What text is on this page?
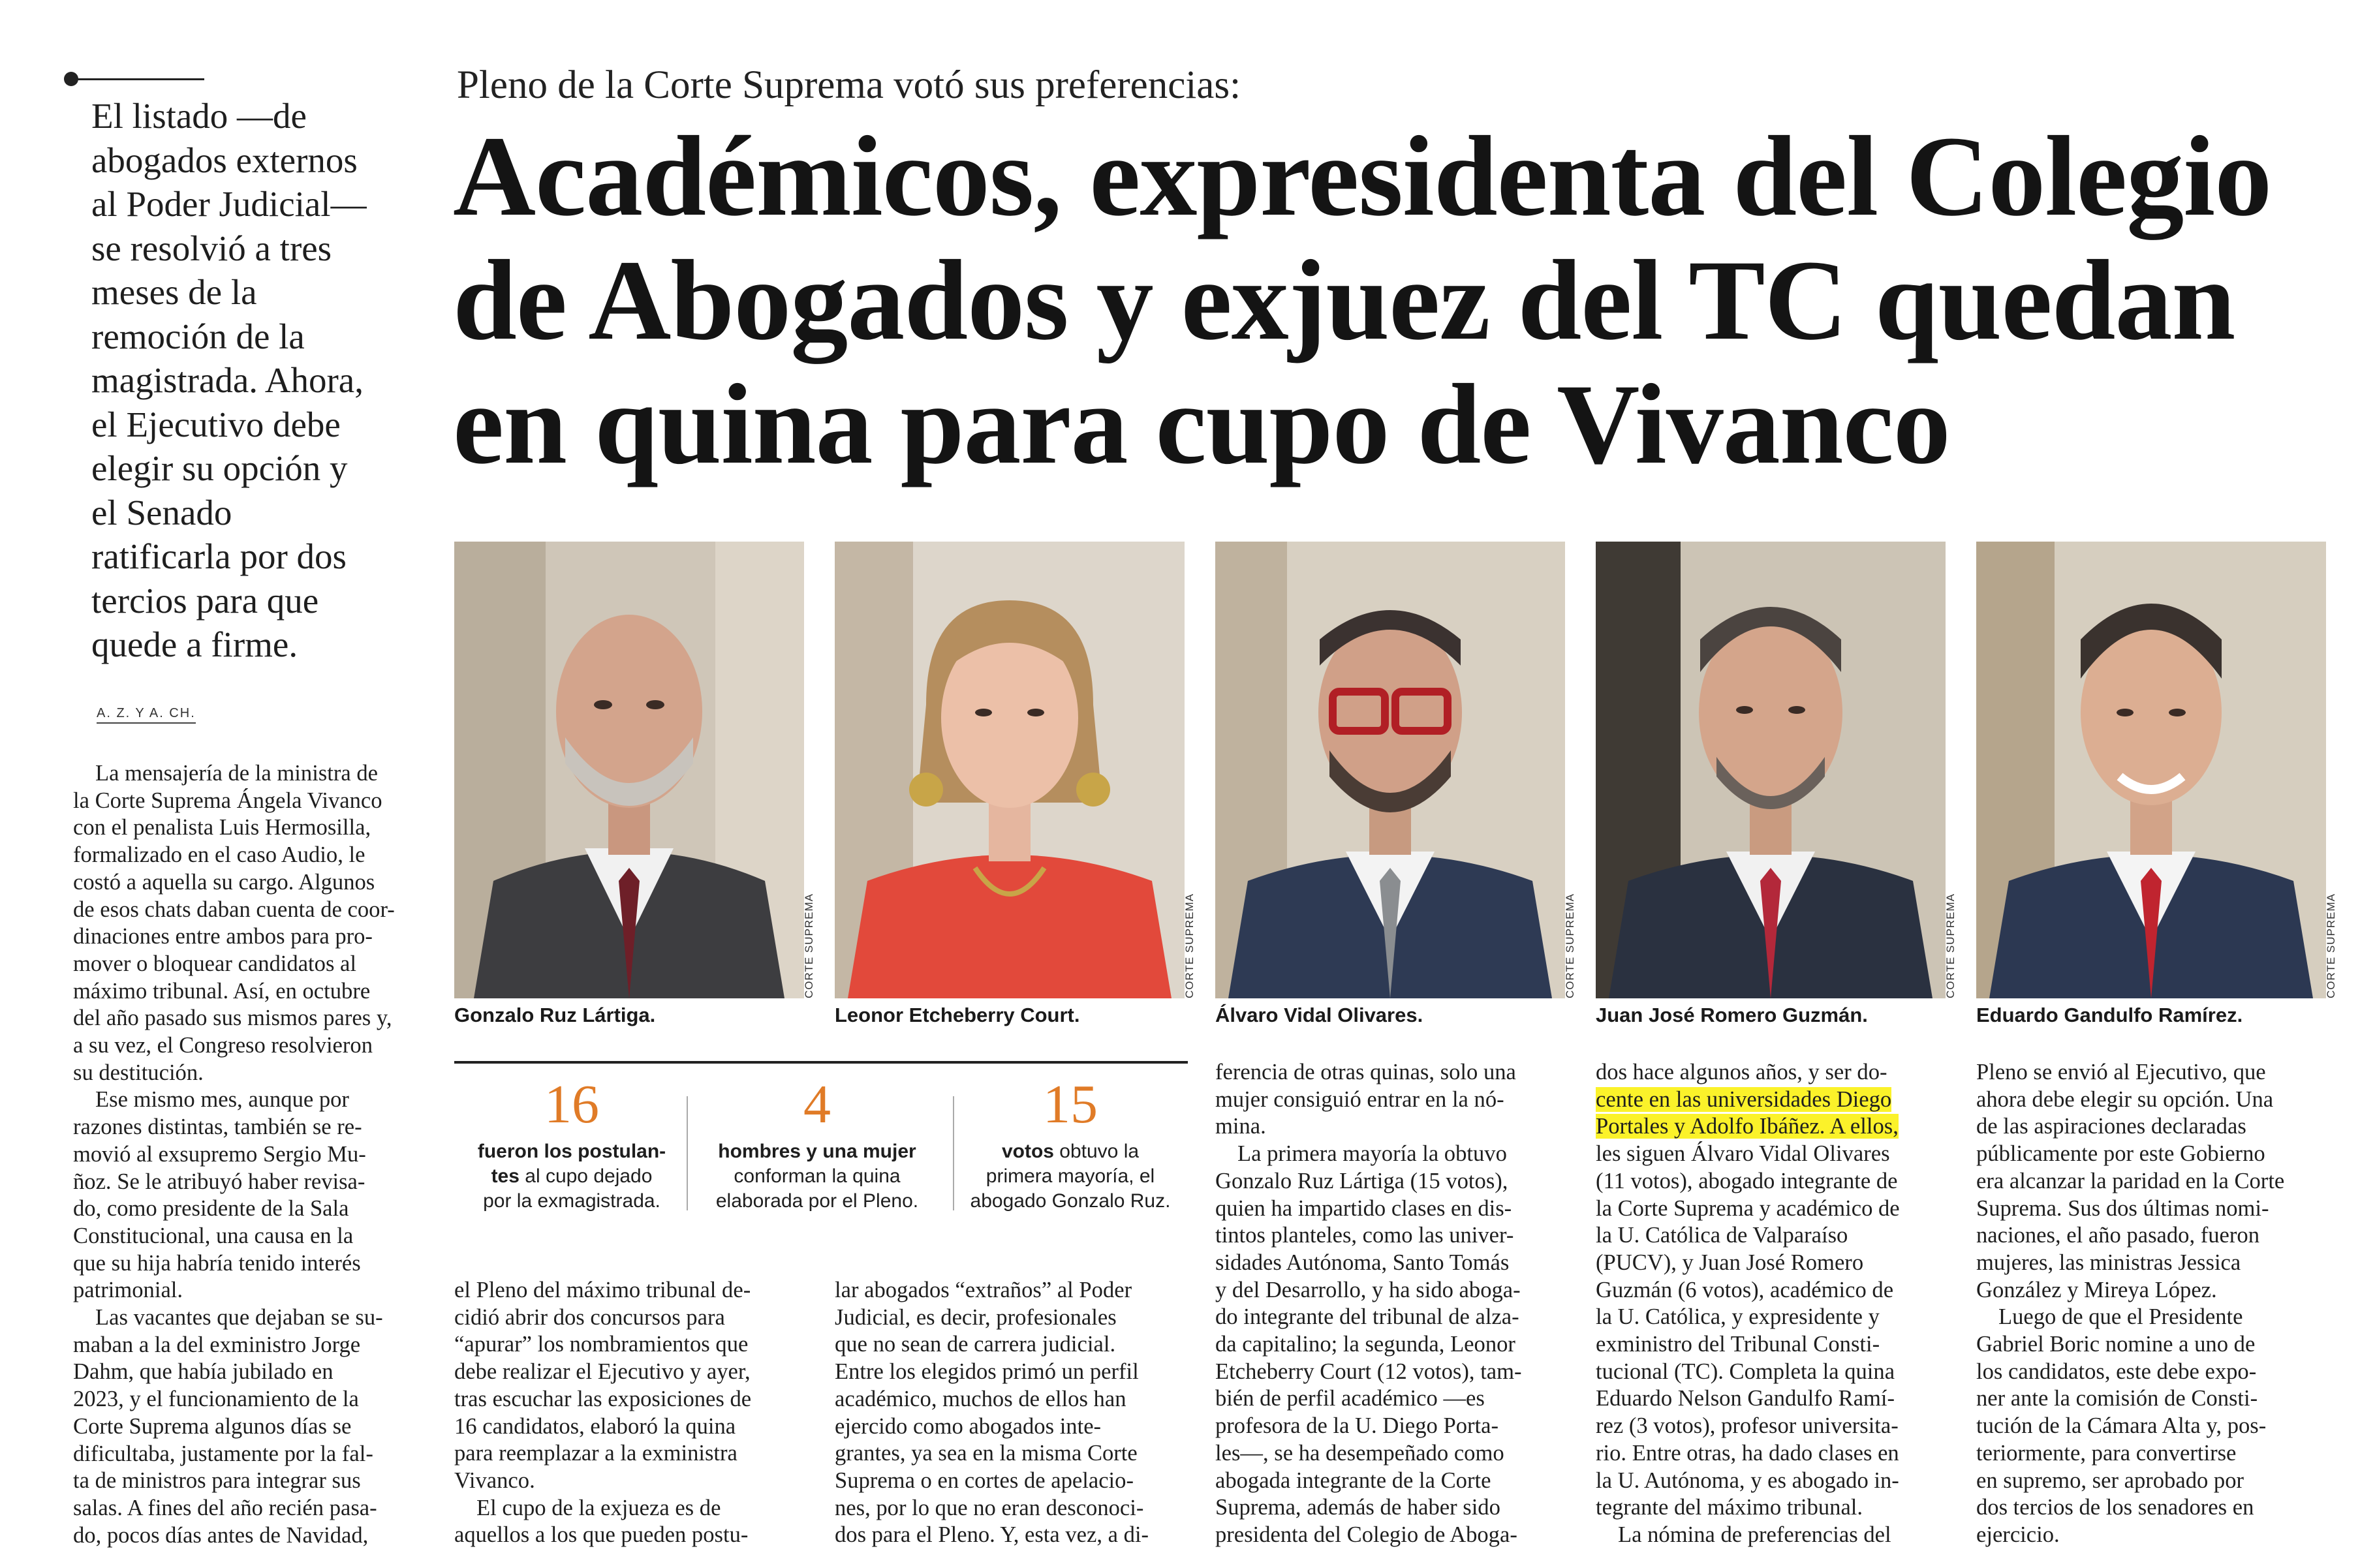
El listado —de
abogados externos
al Poder Judicial—
se resolvió a tres
meses de la
remoción de la
magistrada. Ahora,
el Ejecutivo debe
elegir su opción y
el Senado
ratificarla por dos
tercios para que
quede a firme.
A. Z. Y A. CH.
Pleno de la Corte Suprema votó sus preferencias:
Académicos, expresidenta del Colegio
de Abogados y exjuez del TC quedan
en quina para cupo de Vivanco
CORTE SUPREMA	CORTE SUPREMA	CORTE SUPREMA	CORTE SUPREMA	CORTE SUPREMA
Gonzalo Ruz Lártiga.	Leonor Etcheberry Court.	Álvaro Vidal Olivares.	Juan José Romero Guzmán.	Eduardo Gandulfo Ramírez.
16
fueron los postulan-
tes al cupo dejado
por la exmagistrada.
4
hombres y una mujer
conforman la quina
elaborada por el Pleno.
15
votos obtuvo la
primera mayoría, el
abogado Gonzalo Ruz.
La mensajería de la ministra de
la Corte Suprema Ángela Vivanco
con el penalista Luis Hermosilla,
formalizado en el caso Audio, le
costó a aquella su cargo. Algunos
de esos chats daban cuenta de coor-
dinaciones entre ambos para pro-
mover o bloquear candidatos al
máximo tribunal. Así, en octubre
del año pasado sus mismos pares y,
a su vez, el Congreso resolvieron
su destitución.
Ese mismo mes, aunque por
razones distintas, también se re-
movió al exsupremo Sergio Mu-
ñoz. Se le atribuyó haber revisa-
do, como presidente de la Sala
Constitucional, una causa en la
que su hija habría tenido interés
patrimonial.
Las vacantes que dejaban se su-
maban a la del exministro Jorge
Dahm, que había jubilado en
2023, y el funcionamiento de la
Corte Suprema algunos días se
dificultaba, justamente por la fal-
ta de ministros para integrar sus
salas. A fines del año recién pasa-
do, pocos días antes de Navidad,
el Pleno del máximo tribunal de-
cidió abrir dos concursos para
“apurar” los nombramientos que
debe realizar el Ejecutivo y ayer,
tras escuchar las exposiciones de
16 candidatos, elaboró la quina
para reemplazar a la exministra
Vivanco.
El cupo de la exjueza es de
aquellos a los que pueden postu-
lar abogados “extraños” al Poder
Judicial, es decir, profesionales
que no sean de carrera judicial.
Entre los elegidos primó un perfil
académico, muchos de ellos han
ejercido como abogados inte-
grantes, ya sea en la misma Corte
Suprema o en cortes de apelacio-
nes, por lo que no eran desconoci-
dos para el Pleno. Y, esta vez, a di-
ferencia de otras quinas, solo una
mujer consiguió entrar en la nó-
mina.
La primera mayoría la obtuvo
Gonzalo Ruz Lártiga (15 votos),
quien ha impartido clases en dis-
tintos planteles, como las univer-
sidades Autónoma, Santo Tomás
y del Desarrollo, y ha sido aboga-
do integrante del tribunal de alza-
da capitalino; la segunda, Leonor
Etcheberry Court (12 votos), tam-
bién de perfil académico —es
profesora de la U. Diego Porta-
les—, se ha desempeñado como
abogada integrante de la Corte
Suprema, además de haber sido
presidenta del Colegio de Aboga-
dos hace algunos años, y ser do-
cente en las universidades Diego
Portales y Adolfo Ibáñez. A ellos,
les siguen Álvaro Vidal Olivares
(11 votos), abogado integrante de
la Corte Suprema y académico de
la U. Católica de Valparaíso
(PUCV), y Juan José Romero
Guzmán (6 votos), académico de
la U. Católica, y expresidente y
exministro del Tribunal Consti-
tucional (TC). Completa la quina
Eduardo Nelson Gandulfo Ramí-
rez (3 votos), profesor universita-
rio. Entre otras, ha dado clases en
la U. Autónoma, y es abogado in-
tegrante del máximo tribunal.
La nómina de preferencias del
Pleno se envió al Ejecutivo, que
ahora debe elegir su opción. Una
de las aspiraciones declaradas
públicamente por este Gobierno
era alcanzar la paridad en la Corte
Suprema. Sus dos últimas nomi-
naciones, el año pasado, fueron
mujeres, las ministras Jessica
González y Mireya López.
Luego de que el Presidente
Gabriel Boric nomine a uno de
los candidatos, este debe expo-
ner ante la comisión de Consti-
tución de la Cámara Alta y, pos-
teriormente, para convertirse
en supremo, ser aprobado por
dos tercios de los senadores en
ejercicio.
